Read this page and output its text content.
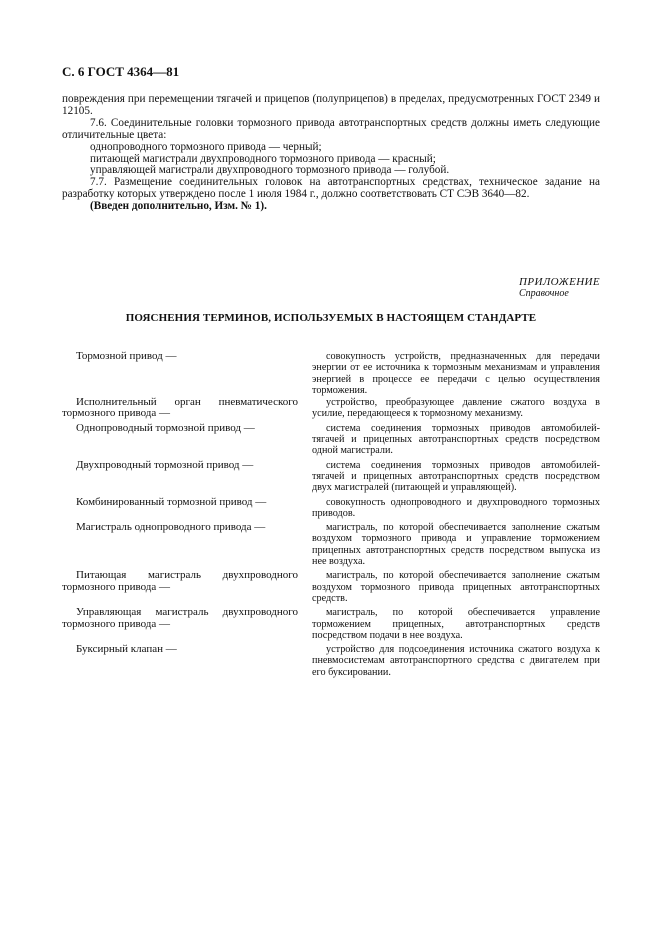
С. 6 ГОСТ 4364—81

повреждения при перемещении тягачей и прицепов (полуприцепов) в пределах, предусмотренных ГОСТ 2349 и 12105.

7.6. Соединительные головки тормозного привода автотранспортных средств должны иметь следующие отличительные цвета:

однопроводного тормозного привода — черный;

питающей магистрали двухпроводного тормозного привода — красный;

управляющей магистрали двухпроводного тормозного привода — голубой.

7.7. Размещение соединительных головок на автотранспортных средствах, техническое задание на разработку которых утверждено после 1 июля 1984 г., должно соответствовать СТ СЭВ 3640—82.

(Введен дополнительно, Изм. № 1).

ПРИЛОЖЕНИЕ
Справочное
ПОЯСНЕНИЯ ТЕРМИНОВ, ИСПОЛЬЗУЕМЫХ В НАСТОЯЩЕМ СТАНДАРТЕ
Тормозной привод —	совокупность устройств, предназначенных для передачи энергии от ее источника к тормозным механизмам и управления энергией в процессе ее передачи с целью осуществления торможения.
Исполнительный орган пневматического тормозного привода —
устройство, преобразующее давление сжатого воздуха в усилие, передающееся к тормозному механизму.
Однопроводный тормозной привод —	система соединения тормозных приводов автомобилей-тягачей и прицепных автотранспортных средств посредством одной магистрали.
Двухпроводный тормозной привод —	система соединения тормозных приводов автомобилей-тягачей и прицепных автотранспортных средств посредством двух магистралей (питающей и управляющей).
Комбинированный тормозной привод —	совокупность однопроводного и двухпроводного тормозных приводов.
Магистраль однопроводного привода —	магистраль, по которой обеспечивается заполнение сжатым воздухом тормозного привода и управление торможением прицепных автотранспортных средств посредством выпуска из нее воздуха.
Питающая магистраль двухпроводного тормозного привода —
магистраль, по которой обеспечивается заполнение сжатым воздухом тормозного привода прицепных автотранспортных средств.
Управляющая магистраль двухпроводного тормозного привода —
магистраль, по которой обеспечивается управление торможением прицепных, автотранспортных средств посредством подачи в нее воздуха.
Буксирный клапан —	устройство для подсоединения источника сжатого воздуха к пневмосистемам автотранспортного средства с двигателем при его буксировании.
